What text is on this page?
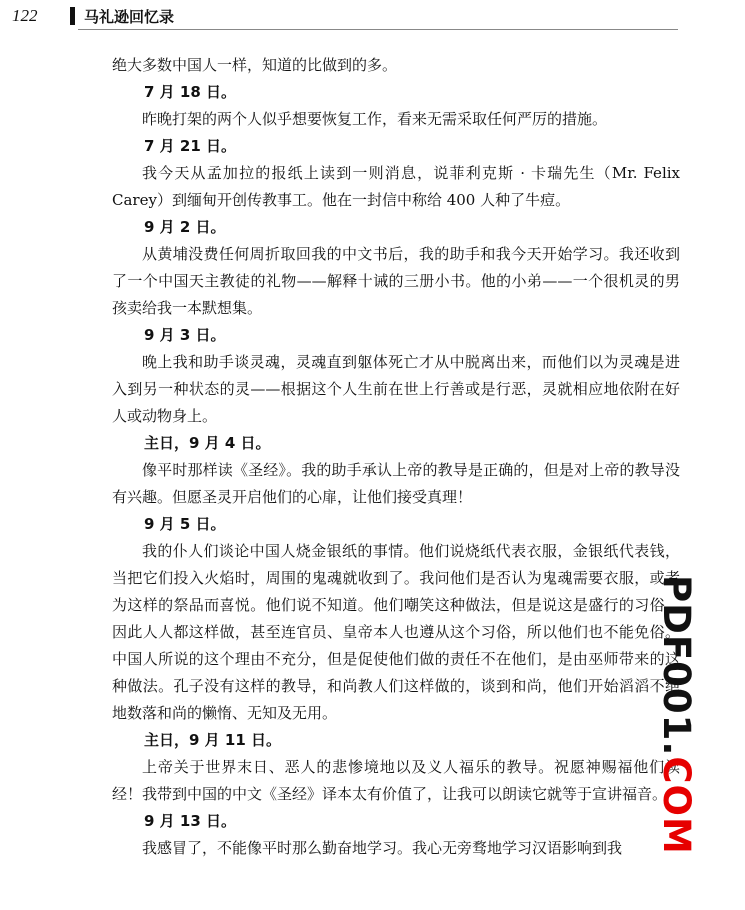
122	马礼逊回忆录

绝大多数中国人一样，知道的比做到的多。

7 月 18 日。

昨晚打架的两个人似乎想要恢复工作，看来无需采取任何严厉的措施。

7 月 21 日。

我今天从孟加拉的报纸上读到一则消息，说菲利克斯 · 卡瑞先生（Mr. Felix Carey）到缅甸开创传教事工。他在一封信中称给 400 人种了牛痘。

9 月 2 日。

从黄埔没费任何周折取回我的中文书后，我的助手和我今天开始学习。我还收到了一个中国天主教徒的礼物——解释十诫的三册小书。他的小弟——一个很机灵的男孩卖给我一本默想集。

9 月 3 日。

晚上我和助手谈灵魂，灵魂直到躯体死亡才从中脱离出来，而他们以为灵魂是进入到另一种状态的灵——根据这个人生前在世上行善或是行恶，灵就相应地依附在好人或动物身上。

主日，9 月 4 日。

像平时那样读《圣经》。我的助手承认上帝的教导是正确的，但是对上帝的教导没有兴趣。但愿圣灵开启他们的心扉，让他们接受真理！

9 月 5 日。

我的仆人们谈论中国人烧金银纸的事情。他们说烧纸代表衣服，金银纸代表钱，当把它们投入火焰时，周围的鬼魂就收到了。我问他们是否认为鬼魂需要衣服，或者为这样的祭品而喜悦。他们说不知道。他们嘲笑这种做法，但是说这是盛行的习俗，因此人人都这样做，甚至连官员、皇帝本人也遵从这个习俗，所以他们也不能免俗。中国人所说的这个理由不充分，但是促使他们做的责任不在他们，是由巫师带来的这种做法。孔子没有这样的教导，和尚教人们这样做的，谈到和尚，他们开始滔滔不绝地数落和尚的懒惰、无知及无用。

主日，9 月 11 日。

上帝关于世界末日、恶人的悲惨境地以及义人福乐的教导。祝愿神赐福他们读经！我带到中国的中文《圣经》译本太有价值了，让我可以朗读它就等于宣讲福音。

9 月 13 日。

我感冒了，不能像平时那么勤奋地学习。我心无旁骛地学习汉语影响到我

PDF001.COM
